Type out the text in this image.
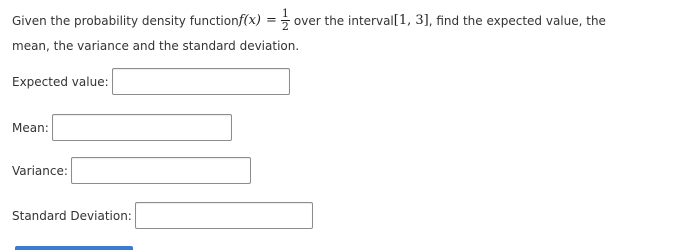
Given the probability density function $f(x) = \frac{1}{2}$ over the interval [1, 3] , find the expected value, the
mean, the variance and the standard deviation.
Expected value:
Mean:
Variance:
Standard Deviation:
